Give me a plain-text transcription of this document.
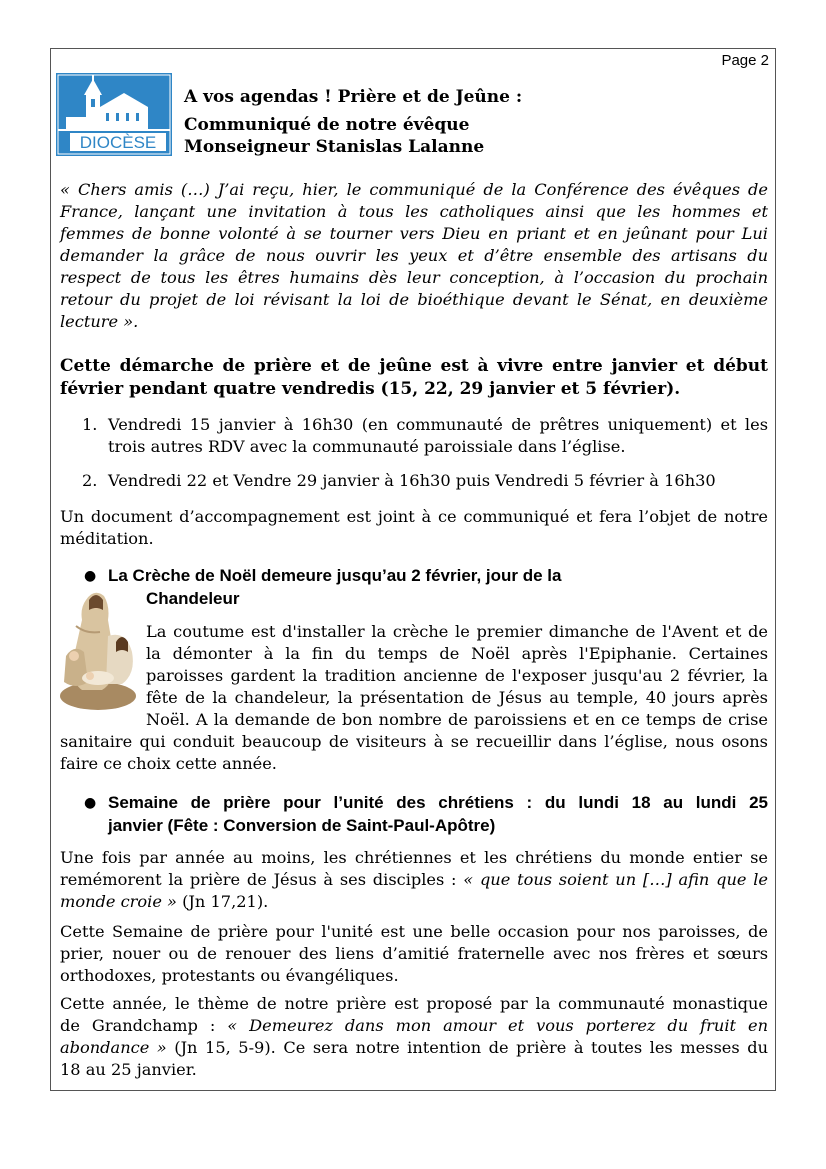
Page 2
DIOCÈSE
A vos agendas ! Prière et de Jeûne :
Communiqué de notre évêque
Monseigneur Stanislas Lalanne
« Chers amis (…) J’ai reçu, hier, le communiqué de la Conférence des évêques de
France, lançant une invitation à tous les catholiques ainsi que les hommes et
femmes de bonne volonté à se tourner vers Dieu en priant et en jeûnant pour Lui
demander la grâce de nous ouvrir les yeux et d’être ensemble des artisans du
respect de tous les êtres humains dès leur conception, à l’occasion du prochain
retour du projet de loi révisant la loi de bioéthique devant le Sénat, en deuxième
lecture ».
Cette démarche de prière et de jeûne est à vivre entre janvier et début
février pendant quatre vendredis (15, 22, 29 janvier et 5 février).
1. Vendredi 15 janvier à 16h30 (en communauté de prêtres uniquement) et les
trois autres RDV avec la communauté paroissiale dans l’église.
2. Vendredi 22 et Vendre 29 janvier à 16h30 puis Vendredi 5 février à 16h30
Un document d’accompagnement est joint à ce communiqué et fera l’objet de notre
méditation.
● La Crèche de Noël demeure jusqu’au 2 février, jour de la
Chandeleur
La coutume est d'installer la crèche le premier dimanche de l'Avent et de
la démonter à la fin du temps de Noël après l'Epiphanie. Certaines
paroisses gardent la tradition ancienne de l'exposer jusqu'au 2 février, la
fête de la chandeleur, la présentation de Jésus au temple, 40 jours après
Noël. A la demande de bon nombre de paroissiens et en ce temps de crise
sanitaire qui conduit beaucoup de visiteurs à se recueillir dans l’église, nous osons
faire ce choix cette année.
● Semaine de prière pour l’unité des chrétiens : du lundi 18 au lundi 25
janvier (Fête : Conversion de Saint-Paul-Apôtre)
Une fois par année au moins, les chrétiennes et les chrétiens du monde entier se
remémorent la prière de Jésus à ses disciples : « que tous soient un […] afin que le
monde croie » (Jn 17,21).
Cette Semaine de prière pour l'unité est une belle occasion pour nos paroisses, de
prier, nouer ou de renouer des liens d’amitié fraternelle avec nos frères et sœurs
orthodoxes, protestants ou évangéliques.
Cette année, le thème de notre prière est proposé par la communauté monastique
de Grandchamp : « Demeurez dans mon amour et vous porterez du fruit en
abondance » (Jn 15, 5-9). Ce sera notre intention de prière à toutes les messes du
18 au 25 janvier.
